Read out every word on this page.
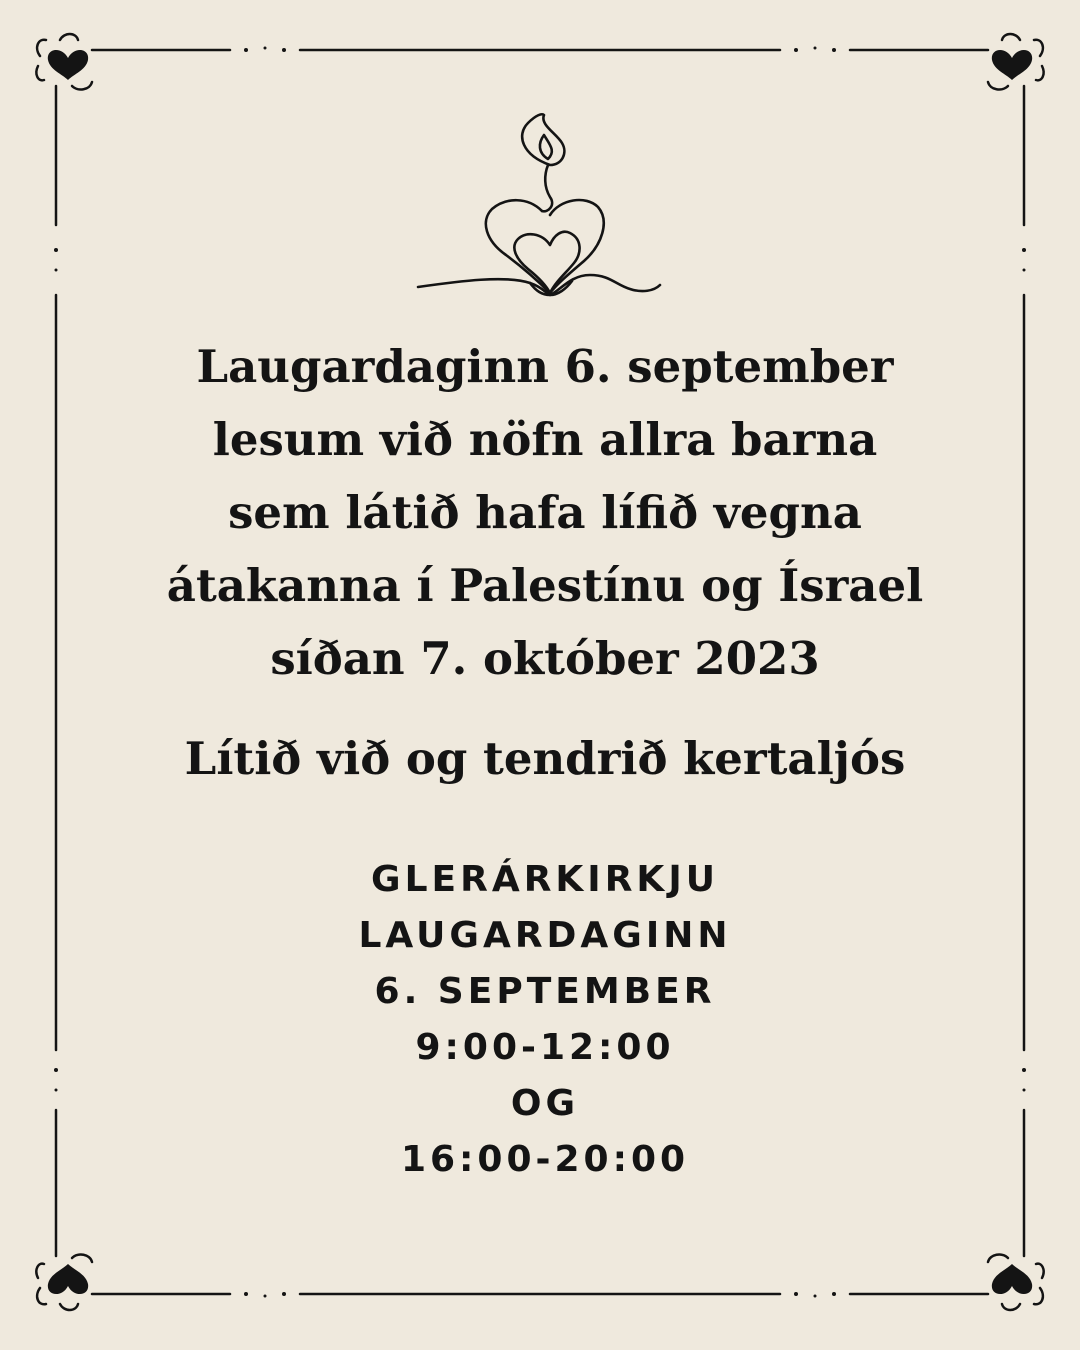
Laugardaginn 6. september
lesum við nöfn allra barna
sem látið hafa lífið vegna
átakanna í Palestínu og Ísrael
síðan 7. október 2023
Lítið við og tendrið kertaljós
GLERÁRKIRKJU
LAUGARDAGINN
6. SEPTEMBER
9:00-12:00
OG
16:00-20:00
